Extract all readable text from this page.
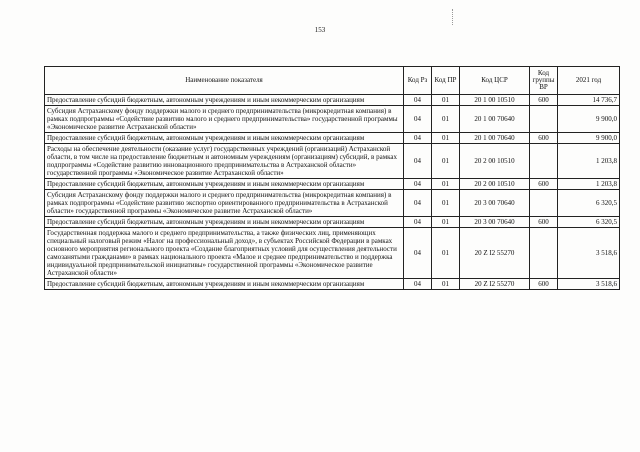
153
Наименование показателя	Код Рз	Код ПР	Код ЦСР	Код группы ВР	2021 год
Предоставление субсидий бюджетным, автономным учреждениям и иным некоммерческим организациям	04	01	20 1 00 10510	600	14 736,7
Субсидия Астраханскому фонду поддержки малого и среднего предпринимательства (микрокредитная компания) в рамках подпрограммы «Содействие развитию малого и среднего предпринимательства» государственной программы «Экономическое развитие Астраханской области»	04	01	20 1 00 70640		9 900,0
Предоставление субсидий бюджетным, автономным учреждениям и иным некоммерческим организациям	04	01	20 1 00 70640	600	9 900,0
Расходы на обеспечение деятельности (оказание услуг) государственных учреждений (организаций) Астраханской области, в том числе на предоставление бюджетным и автономным учреждениям (организациям) субсидий, в рамках подпрограммы «Содействие развитию инновационного предпринимательства в Астраханской области» государственной программы «Экономическое развитие Астраханской области»	04	01	20 2 00 10510		1 203,8
Предоставление субсидий бюджетным, автономным учреждениям и иным некоммерческим организациям	04	01	20 2 00 10510	600	1 203,8
Субсидия Астраханскому фонду поддержки малого и среднего предпринимательства (микрокредитная компания) в рамках подпрограммы «Содействие развитию экспортно ориентированного предпринимательства в Астраханской области» государственной программы «Экономическое развитие Астраханской области»	04	01	20 3 00 70640		6 320,5
Предоставление субсидий бюджетным, автономным учреждениям и иным некоммерческим организациям	04	01	20 3 00 70640	600	6 320,5
Государственная поддержка малого и среднего предпринимательства, а также физических лиц, применяющих специальный налоговый режим «Налог на профессиональный доход», в субъектах Российской Федерации в рамках основного мероприятия регионального проекта «Создание благоприятных условий для осуществления деятельности самозанятыми гражданами» в рамках национального проекта «Малое и среднее предпринимательство и поддержка индивидуальной предпринимательской инициативы» государственной программы «Экономическое развитие Астраханской области»	04	01	20 Z I2 55270		3 518,6
Предоставление субсидий бюджетным, автономным учреждениям и иным некоммерческим организациям	04	01	20 Z I2 55270	600	3 518,6
